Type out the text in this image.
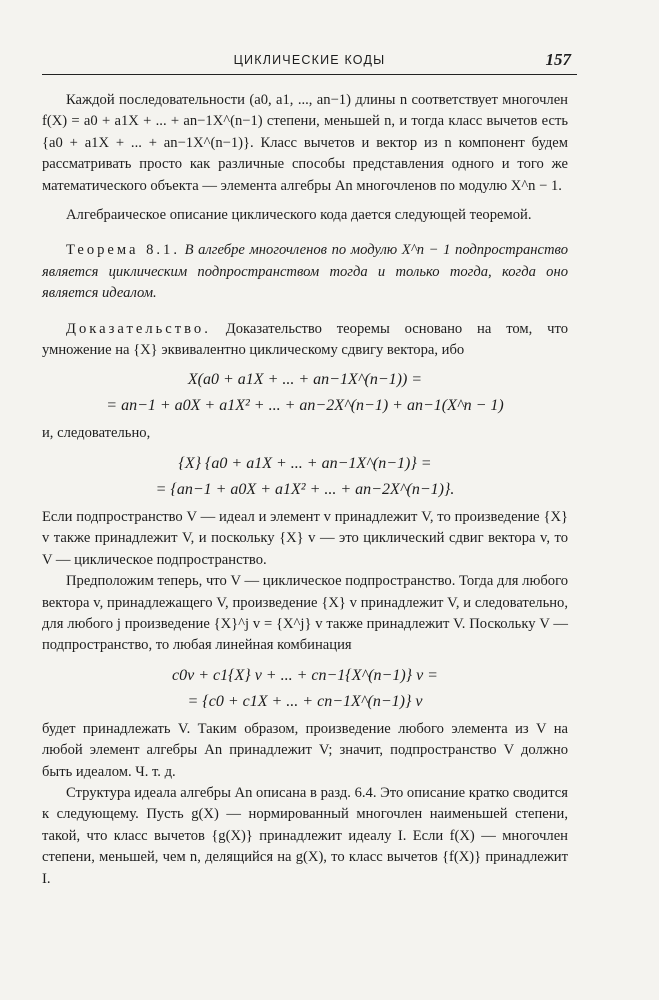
ЦИКЛИЧЕСКИЕ КОДЫ	157

Каждой последовательности (a0, a1, ..., an−1) длины n соответствует многочлен f(X) = a0 + a1X + ... + an−1X^(n−1) степени, меньшей n, и тогда класс вычетов есть {a0 + a1X + ... + an−1X^(n−1)}. Класс вычетов и вектор из n компонент будем рассматривать просто как различные способы представления одного и того же математического объекта — элемента алгебры An многочленов по модулю X^n − 1.

Алгебраическое описание циклического кода дается следующей теоремой.

Теорема 8.1. В алгебре многочленов по модулю X^n − 1 подпространство является циклическим подпространством тогда и только тогда, когда оно является идеалом.

Доказательство. Доказательство теоремы основано на том, что умножение на {X} эквивалентно циклическому сдвигу вектора, ибо

X(a0 + a1X + ... + an−1X^(n−1)) =
= an−1 + a0X + a1X² + ... + an−2X^(n−1) + an−1(X^n − 1)

и, следовательно,

{X} {a0 + a1X + ... + an−1X^(n−1)} =
= {an−1 + a0X + a1X² + ... + an−2X^(n−1)}.

Если подпространство V — идеал и элемент v принадлежит V, то произведение {X} v также принадлежит V, и поскольку {X} v — это циклический сдвиг вектора v, то V — циклическое подпространство.

Предположим теперь, что V — циклическое подпространство. Тогда для любого вектора v, принадлежащего V, произведение {X} v принадлежит V, и следовательно, для любого j произведение {X}^j v = {X^j} v также принадлежит V. Поскольку V — подпространство, то любая линейная комбинация

c0v + c1{X} v + ... + cn−1{X^(n−1)} v =
= {c0 + c1X + ... + cn−1X^(n−1)} v

будет принадлежать V. Таким образом, произведение любого элемента из V на любой элемент алгебры An принадлежит V; значит, подпространство V должно быть идеалом. Ч. т. д.

Структура идеала алгебры An описана в разд. 6.4. Это описание кратко сводится к следующему. Пусть g(X) — нормированный многочлен наименьшей степени, такой, что класс вычетов {g(X)} принадлежит идеалу I. Если f(X) — многочлен степени, меньшей, чем n, делящийся на g(X), то класс вычетов {f(X)} принадлежит I.
